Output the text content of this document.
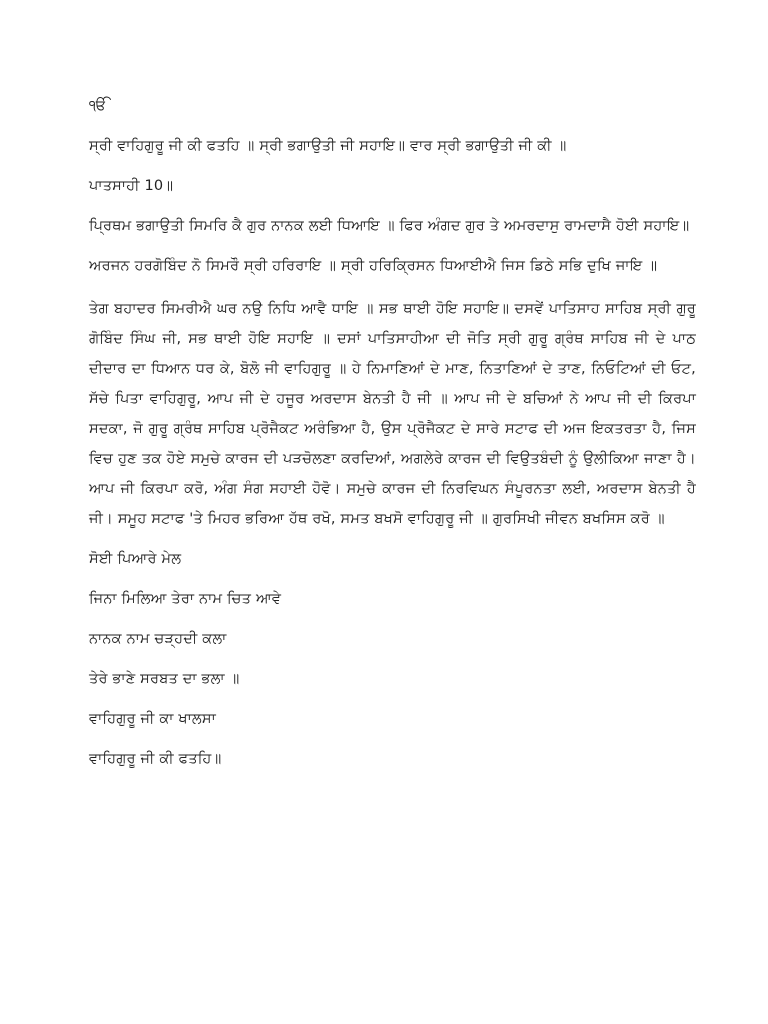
ੴ

ਸ੍ਰੀ ਵਾਹਿਗੁਰੂ ਜੀ ਕੀ ਫਤਹਿ ॥ ਸ੍ਰੀ ਭਗਾਉਤੀ ਜੀ ਸਹਾਇ॥ ਵਾਰ ਸ੍ਰੀ ਭਗਾਉਤੀ ਜੀ ਕੀ ॥

ਪਾਤਸਾਹੀ 10॥

ਪ੍ਰਿਥਮ ਭਗਾਉਤੀ ਸਿਮਰਿ ਕੈ ਗੁਰ ਨਾਨਕ ਲਈ ਧਿਆਇ ॥ ਫਿਰ ਅੰਗਦ ਗੁਰ ਤੇ ਅਮਰਦਾਸੁ ਰਾਮਦਾਸੈ ਹੋਈ ਸਹਾਇ॥

ਅਰਜਨ ਹਰਗੋਬਿੰਦ ਨੋ ਸਿਮਰੌ ਸ੍ਰੀ ਹਰਿਰਾਇ ॥ ਸ੍ਰੀ ਹਰਿਕ੍ਰਿਸਨ ਧਿਆਈਐ ਜਿਸ ਡਿਠੇ ਸਭਿ ਦੁਖਿ ਜਾਇ ॥

ਤੇਗ ਬਹਾਦਰ ਸਿਮਰੀਐ ਘਰ ਨਉ ਨਿਧਿ ਆਵੈ ਧਾਇ ॥ ਸਭ ਥਾਈ ਹੋਇ ਸਹਾਇ॥ ਦਸਵੇਂ ਪਾਤਿਸਾਹ ਸਾਹਿਬ ਸ੍ਰੀ ਗੁਰੂ ਗੋਬਿੰਦ ਸਿੰਘ ਜੀ, ਸਭ ਥਾਈ ਹੋਇ ਸਹਾਇ ॥ ਦਸਾਂ ਪਾਤਿਸਾਹੀਆ ਦੀ ਜੋਤਿ ਸ੍ਰੀ ਗੁਰੂ ਗ੍ਰੰਥ ਸਾਹਿਬ ਜੀ ਦੇ ਪਾਠ ਦੀਦਾਰ ਦਾ ਧਿਆਨ ਧਰ ਕੇ, ਬੋਲੋ ਜੀ ਵਾਹਿਗੁਰੂ ॥ ਹੇ ਨਿਮਾਣਿਆਂ ਦੇ ਮਾਣ, ਨਿਤਾਣਿਆਂ ਦੇ ਤਾਣ, ਨਿਓਟਿਆਂ ਦੀ ਓਟ, ਸੱਚੇ ਪਿਤਾ ਵਾਹਿਗੁਰੂ, ਆਪ ਜੀ ਦੇ ਹਜੂਰ ਅਰਦਾਸ ਬੇਨਤੀ ਹੈ ਜੀ ॥ ਆਪ ਜੀ ਦੇ ਬਚਿਆਂ ਨੇ ਆਪ ਜੀ ਦੀ ਕਿਰਪਾ ਸਦਕਾ, ਜੋ ਗੁਰੂ ਗ੍ਰੰਥ ਸਾਹਿਬ ਪ੍ਰੋਜੈਕਟ ਅਰੰਭਿਆ ਹੈ, ਉਸ ਪ੍ਰੋਜੈਕਟ ਦੇ ਸਾਰੇ ਸਟਾਫ ਦੀ ਅਜ ਇਕਤਰਤਾ ਹੈ, ਜਿਸ ਵਿਚ ਹੁਣ ਤਕ ਹੋਏ ਸਮੁਚੇ ਕਾਰਜ ਦੀ ਪੜਚੋਲਣਾ ਕਰਦਿਆਂ, ਅਗਲੇਰੇ ਕਾਰਜ ਦੀ ਵਿਉਤਬੰਦੀ ਨੂੰ ਉਲੀਕਿਆ ਜਾਣਾ ਹੈ। ਆਪ ਜੀ ਕਿਰਪਾ ਕਰੋ, ਅੰਗ ਸੰਗ ਸਹਾਈ ਹੋਵੋ। ਸਮੁਚੇ ਕਾਰਜ ਦੀ ਨਿਰਵਿਘਨ ਸੰਪੂਰਨਤਾ ਲਈ, ਅਰਦਾਸ ਬੇਨਤੀ ਹੈ ਜੀ। ਸਮੂਹ ਸਟਾਫ 'ਤੇ ਮਿਹਰ ਭਰਿਆ ਹੱਥ ਰਖੋ, ਸਮਤ ਬਖਸੋ ਵਾਹਿਗੁਰੂ ਜੀ ॥ ਗੁਰਸਿਖੀ ਜੀਵਨ ਬਖਸਿਸ ਕਰੋ ॥

ਸੋਈ ਪਿਆਰੇ ਮੇਲ

ਜਿਨਾ ਮਿਲਿਆ ਤੇਰਾ ਨਾਮ ਚਿਤ ਆਵੇ

ਨਾਨਕ ਨਾਮ ਚੜ੍ਹਦੀ ਕਲਾ

ਤੇਰੇ ਭਾਣੇ ਸਰਬਤ ਦਾ ਭਲਾ ॥

ਵਾਹਿਗੁਰੂ ਜੀ ਕਾ ਖਾਲਸਾ

ਵਾਹਿਗੁਰੂ ਜੀ ਕੀ ਫਤਹਿ॥
